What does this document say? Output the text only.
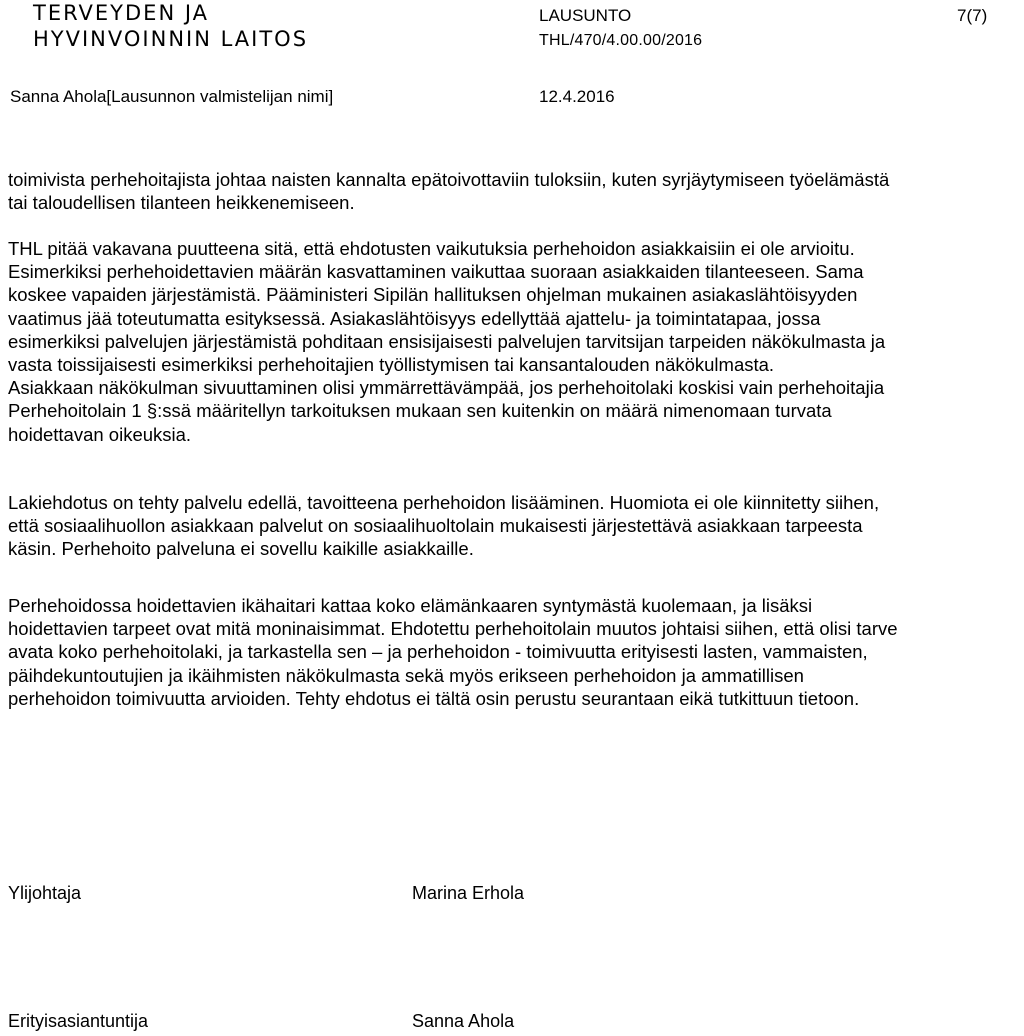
TERVEYDEN JA
HYVINVOINNIN LAITOS
LAUSUNTO
THL/470/4.00.00/2016
7(7)
Sanna Ahola[Lausunnon valmistelijan nimi]	12.4.2016
toimivista perhehoitajista johtaa naisten kannalta epätoivottaviin tuloksiin, kuten syrjäytymiseen työelämästä
tai taloudellisen tilanteen heikkenemiseen.
THL pitää vakavana puutteena sitä, että ehdotusten vaikutuksia perhehoidon asiakkaisiin ei ole arvioitu.
Esimerkiksi perhehoidettavien määrän kasvattaminen vaikuttaa suoraan asiakkaiden tilanteeseen. Sama
koskee vapaiden järjestämistä. Pääministeri Sipilän hallituksen ohjelman mukainen asiakaslähtöisyyden
vaatimus jää toteutumatta esityksessä. Asiakaslähtöisyys edellyttää ajattelu- ja toimintatapaa, jossa
esimerkiksi palvelujen järjestämistä pohditaan ensisijaisesti palvelujen tarvitsijan tarpeiden näkökulmasta ja
vasta toissijaisesti esimerkiksi perhehoitajien työllistymisen tai kansantalouden näkökulmasta.
Asiakkaan näkökulman sivuuttaminen olisi ymmärrettävämpää, jos perhehoitolaki koskisi vain perhehoitajia
Perhehoitolain 1 §:ssä määritellyn tarkoituksen mukaan sen kuitenkin on määrä nimenomaan turvata
hoidettavan oikeuksia.
Lakiehdotus on tehty palvelu edellä, tavoitteena perhehoidon lisääminen. Huomiota ei ole kiinnitetty siihen,
että sosiaalihuollon asiakkaan palvelut on sosiaalihuoltolain mukaisesti järjestettävä asiakkaan tarpeesta
käsin. Perhehoito palveluna ei sovellu kaikille asiakkaille.
Perhehoidossa hoidettavien ikähaitari kattaa koko elämänkaaren syntymästä kuolemaan, ja lisäksi
hoidettavien tarpeet ovat mitä moninaisimmat. Ehdotettu perhehoitolain muutos johtaisi siihen, että olisi tarve
avata koko perhehoitolaki, ja tarkastella sen – ja perhehoidon - toimivuutta erityisesti lasten, vammaisten,
päihdekuntoutujien ja ikäihmisten näkökulmasta sekä myös erikseen perhehoidon ja ammatillisen
perhehoidon toimivuutta arvioiden. Tehty ehdotus ei tältä osin perustu seurantaan eikä tutkittuun tietoon.
Ylijohtaja	Marina Erhola
Erityisasiantuntija	Sanna Ahola
